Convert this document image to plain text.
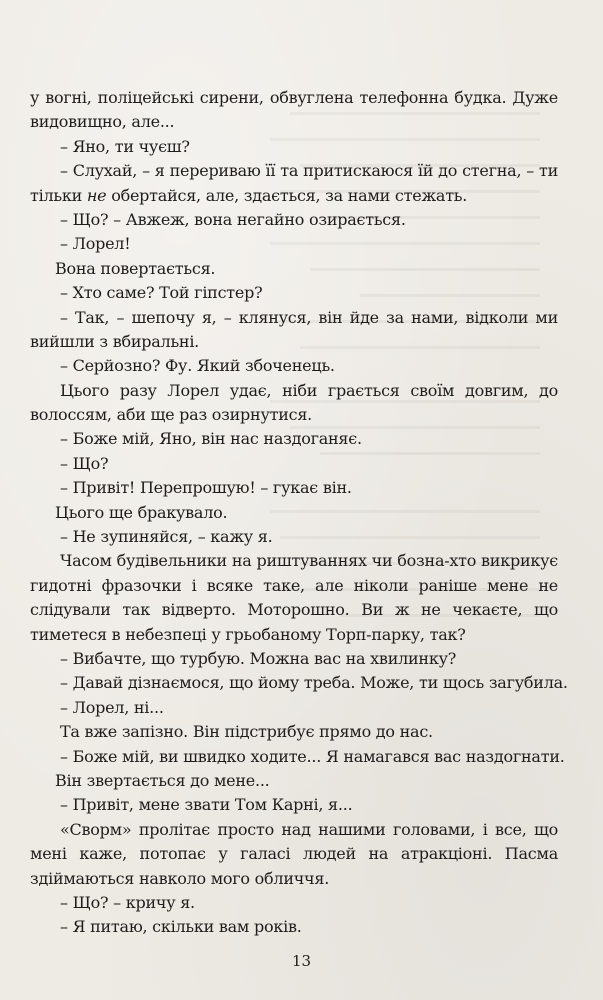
у вогні, поліцейські сирени, обвуглена телефонна будка. Дуже
видовищно, але...
– Яно, ти чуєш?
– Слухай, – я перериваю її та притискаюся їй до стегна, – ти
тільки не обертайся, але, здається, за нами стежать.
– Що? – Авжеж, вона негайно озирається.
– Лорел!
Вона повертається.
– Хто саме? Той гіпстер?
– Так, – шепочу я, – клянуся, він йде за нами, відколи ми
вийшли з вбиральні.
– Серйозно? Фу. Який збоченець.
Цього разу Лорел удає, ніби грається своїм довгим, до
волоссям, аби ще раз озирнутися.
– Боже мій, Яно, він нас наздоганяє.
– Що?
– Привіт! Перепрошую! – гукає він.
Цього ще бракувало.
– Не зупиняйся, – кажу я.
Часом будівельники на риштуваннях чи бозна-хто викрикує
гидотні фразочки і всяке таке, але ніколи раніше мене не
слідували так відверто. Моторошно. Ви ж не чекаєте, що
тиметеся в небезпеці у грьобаному Торп-парку, так?
– Вибачте, що турбую. Можна вас на хвилинку?
– Давай дізнаємося, що йому треба. Може, ти щось загубила.
– Лорел, ні...
Та вже запізно. Він підстрибує прямо до нас.
– Боже мій, ви швидко ходите... Я намагався вас наздогнати.
Він звертається до мене...
– Привіт, мене звати Том Карні, я...
«Сворм» пролітає просто над нашими головами, і все, що
мені каже, потопає у галасі людей на атракціоні. Пасма
здіймаються навколо мого обличчя.
– Що? – кричу я.
– Я питаю, скільки вам років.
13
